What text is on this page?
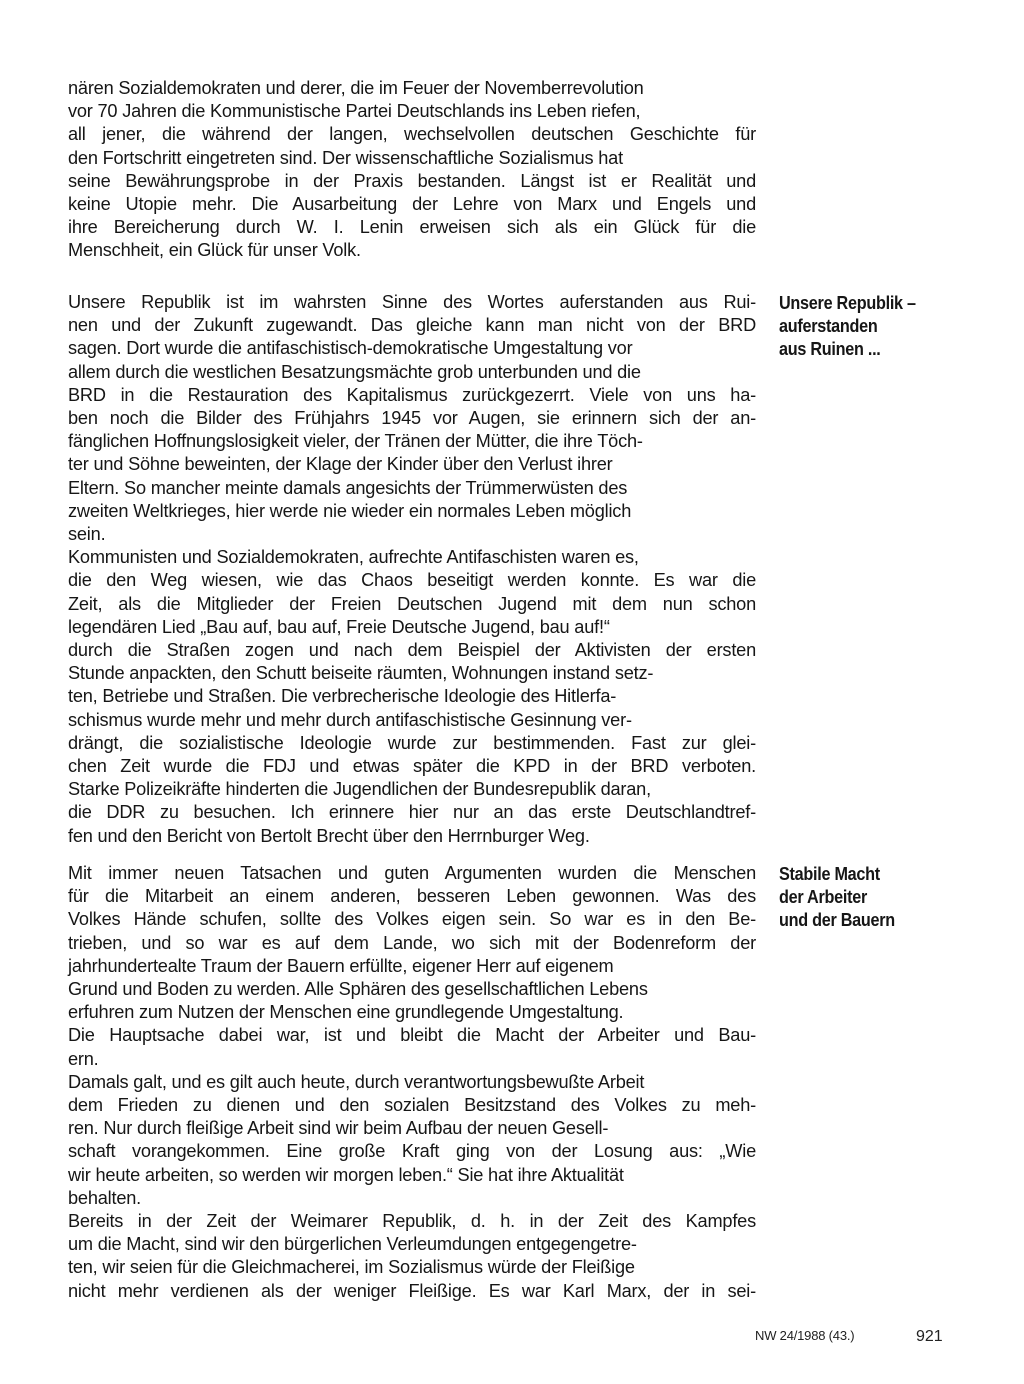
nären Sozialdemokraten und derer, die im Feuer der Novemberrevolution
vor 70 Jahren die Kommunistische Partei Deutschlands ins Leben riefen,
all jener, die während der langen, wechselvollen deutschen Geschichte für
den Fortschritt eingetreten sind. Der wissenschaftliche Sozialismus hat
seine Bewährungsprobe in der Praxis bestanden. Längst ist er Realität und
keine Utopie mehr. Die Ausarbeitung der Lehre von Marx und Engels und
ihre Bereicherung durch W. I. Lenin erweisen sich als ein Glück für die
Menschheit, ein Glück für unser Volk.
Unsere Republik ist im wahrsten Sinne des Wortes auferstanden aus Rui-
nen und der Zukunft zugewandt. Das gleiche kann man nicht von der BRD
sagen. Dort wurde die antifaschistisch-demokratische Umgestaltung vor
allem durch die westlichen Besatzungsmächte grob unterbunden und die
BRD in die Restauration des Kapitalismus zurückgezerrt. Viele von uns ha-
ben noch die Bilder des Frühjahrs 1945 vor Augen, sie erinnern sich der an-
fänglichen Hoffnungslosigkeit vieler, der Tränen der Mütter, die ihre Töch-
ter und Söhne beweinten, der Klage der Kinder über den Verlust ihrer
Eltern. So mancher meinte damals angesichts der Trümmerwüsten des
zweiten Weltkrieges, hier werde nie wieder ein normales Leben möglich
sein.
Kommunisten und Sozialdemokraten, aufrechte Antifaschisten waren es,
die den Weg wiesen, wie das Chaos beseitigt werden konnte. Es war die
Zeit, als die Mitglieder der Freien Deutschen Jugend mit dem nun schon
legendären Lied „Bau auf, bau auf, Freie Deutsche Jugend, bau auf!“
durch die Straßen zogen und nach dem Beispiel der Aktivisten der ersten
Stunde anpackten, den Schutt beiseite räumten, Wohnungen instand setz-
ten, Betriebe und Straßen. Die verbrecherische Ideologie des Hitlerfa-
schismus wurde mehr und mehr durch antifaschistische Gesinnung ver-
drängt, die sozialistische Ideologie wurde zur bestimmenden. Fast zur glei-
chen Zeit wurde die FDJ und etwas später die KPD in der BRD verboten.
Starke Polizeikräfte hinderten die Jugendlichen der Bundesrepublik daran,
die DDR zu besuchen. Ich erinnere hier nur an das erste Deutschlandtref-
fen und den Bericht von Bertolt Brecht über den Herrnburger Weg.
Unsere Republik –
auferstanden
aus Ruinen ...
Mit immer neuen Tatsachen und guten Argumenten wurden die Menschen
für die Mitarbeit an einem anderen, besseren Leben gewonnen. Was des
Volkes Hände schufen, sollte des Volkes eigen sein. So war es in den Be-
trieben, und so war es auf dem Lande, wo sich mit der Bodenreform der
jahrhundertealte Traum der Bauern erfüllte, eigener Herr auf eigenem
Grund und Boden zu werden. Alle Sphären des gesellschaftlichen Lebens
erfuhren zum Nutzen der Menschen eine grundlegende Umgestaltung.
Die Hauptsache dabei war, ist und bleibt die Macht der Arbeiter und Bau-
ern.
Damals galt, und es gilt auch heute, durch verantwortungsbewußte Arbeit
dem Frieden zu dienen und den sozialen Besitzstand des Volkes zu meh-
ren. Nur durch fleißige Arbeit sind wir beim Aufbau der neuen Gesell-
schaft vorangekommen. Eine große Kraft ging von der Losung aus: „Wie
wir heute arbeiten, so werden wir morgen leben.“ Sie hat ihre Aktualität
behalten.
Bereits in der Zeit der Weimarer Republik, d. h. in der Zeit des Kampfes
um die Macht, sind wir den bürgerlichen Verleumdungen entgegengetre-
ten, wir seien für die Gleichmacherei, im Sozialismus würde der Fleißige
nicht mehr verdienen als der weniger Fleißige. Es war Karl Marx, der in sei-
Stabile Macht
der Arbeiter
und der Bauern
NW 24/1988 (43.)	921
